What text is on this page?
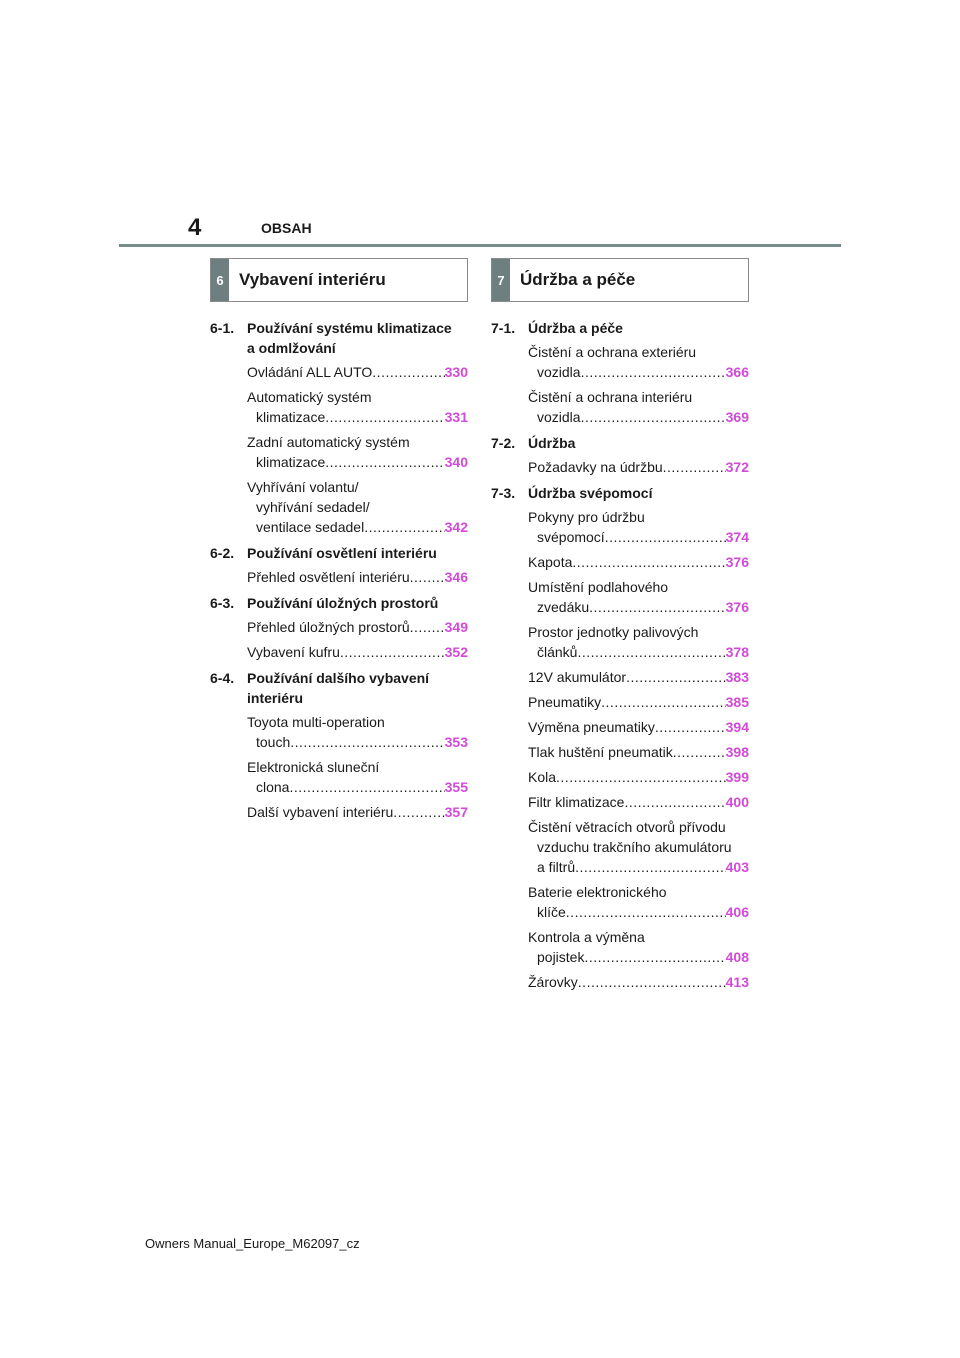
4	OBSAH
6 Vybavení interiéru
6-1. Používání systému klimatizace
a odmlžování
Ovládání ALL AUTO .....	330
Automatický systém
klimatizace .....	331
Zadní automatický systém
klimatizace .....	340
Vyhřívání volantu/
vyhřívání sedadel/
ventilace sedadel .....	342
6-2. Používání osvětlení interiéru
Přehled osvětlení interiéru ..... 346
6-3. Používání úložných prostorů
Přehled úložných prostorů ..... 349
Vybavení kufru .....	352
6-4. Používání dalšího vybavení
interiéru
Toyota multi-operation
touch .....	353
Elektronická sluneční
clona .....	355
Další vybavení interiéru .....	357
7 Údržba a péče
7-1. Údržba a péče
Čistění a ochrana exteriéru
vozidla .....	366
Čistění a ochrana interiéru
vozidla .....	369
7-2. Údržba
Požadavky na údržbu .....	372
7-3. Údržba svépomocí
Pokyny pro údržbu
svépomocí .....	374
Kapota .....	376
Umístění podlahového
zvedáku .....	376
Prostor jednotky palivových
článků .....	378
12V akumulátor .....	383
Pneumatiky .....	385
Výměna pneumatiky .....	394
Tlak huštění pneumatik .....	398
Kola .....	399
Filtr klimatizace .....	400
Čistění větracích otvorů přívodu
vzduchu trakčního akumulátoru
a filtrů .....	403
Baterie elektronického
klíče .....	406
Kontrola a výměna
pojistek .....	408
Žárovky .....	413
Owners Manual_Europe_M62097_cz
